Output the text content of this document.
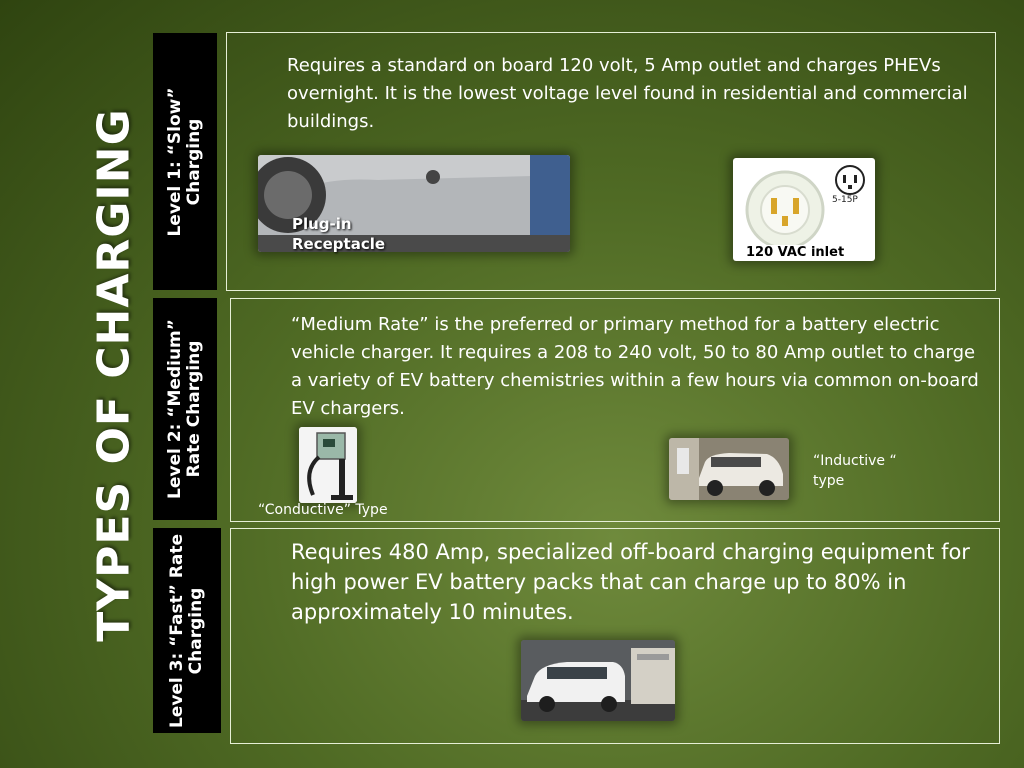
TYPES OF CHARGING Level 1: “Slow” Charging
Requires a standard on board 120 volt, 5 Amp outlet and charges PHEVs overnight. It is the lowest voltage level found in residential and commercial buildings.
Plug-in
Receptacle
5-15P
120 VAC inlet
Level 2: “Medium” Rate Charging
“Medium Rate” is the preferred or primary method for a battery electric vehicle charger. It requires a 208 to 240 volt, 50 to 80 Amp outlet to charge a variety of EV battery chemistries within a few hours via common on-board EV chargers.
“Conductive” Type
“Inductive “
type
Level 3: “Fast” Rate Charging
Requires 480 Amp, specialized off-board charging equipment for high power EV battery packs that can charge up to 80% in approximately 10 minutes.
